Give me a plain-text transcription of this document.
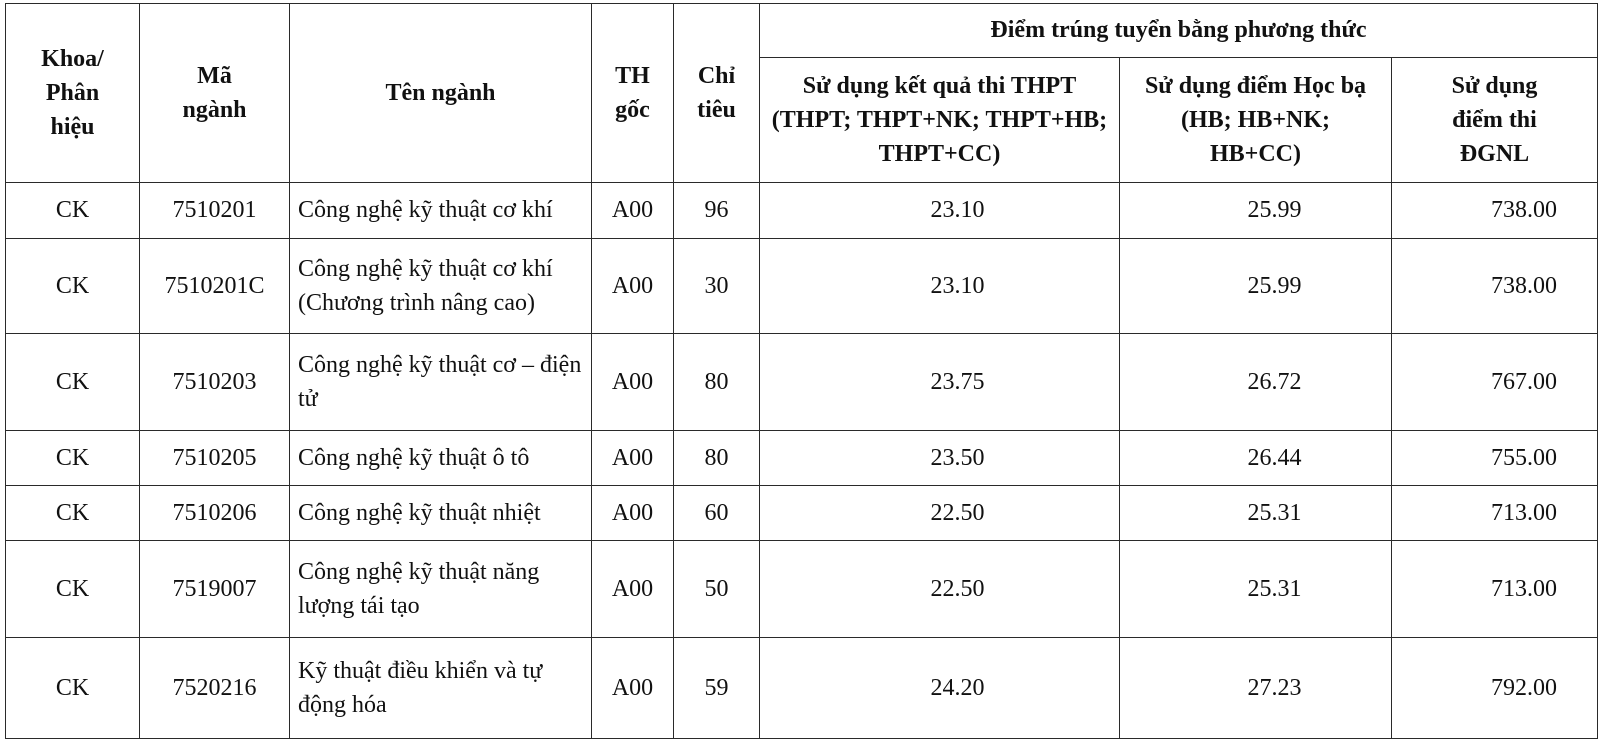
Khoa/ Phân hiệu	Mã ngành	Tên ngành	TH gốc	Chỉ tiêu	Điểm trúng tuyển bằng phương thức		
					Sử dụng kết quả thi THPT (THPT; THPT+NK; THPT+HB; THPT+CC)	Sử dụng điểm Học bạ (HB; HB+NK; HB+CC)	Sử dụng điểm thi ĐGNL
CK	7510201	Công nghệ kỹ thuật cơ khí	A00	96	23.10	25.99	738.00
CK	7510201C	Công nghệ kỹ thuật cơ khí (Chương trình nâng cao)	A00	30	23.10	25.99	738.00
CK	7510203	Công nghệ kỹ thuật cơ – điện tử	A00	80	23.75	26.72	767.00
CK	7510205	Công nghệ kỹ thuật ô tô	A00	80	23.50	26.44	755.00
CK	7510206	Công nghệ kỹ thuật nhiệt	A00	60	22.50	25.31	713.00
CK	7519007	Công nghệ kỹ thuật năng lượng tái tạo	A00	50	22.50	25.31	713.00
CK	7520216	Kỹ thuật điều khiển và tự động hóa	A00	59	24.20	27.23	792.00
